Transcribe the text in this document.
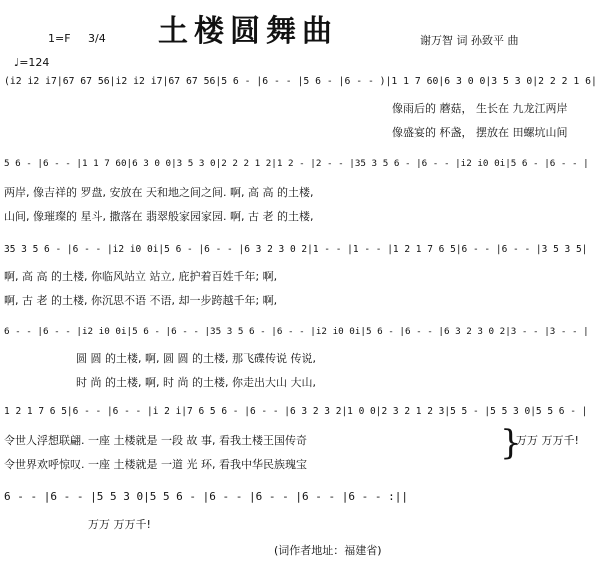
土楼圆舞曲
1=F 3/4	谢万智 词 孙致平 曲
♩=124
(i2 i2 i7|67 67 56|i2 i2 i7|67 67 56|5 6 - |6 - - |5 6 - |6 - - )|1 1 7 60|6 3 0 0|3 5 3 0|2 2 2 1 6|
像雨后的 蘑菇， 生长在 九龙江两岸
像盛宴的 杯盏， 摆放在 田螺坑山间
5 6 - |6 - - |1 1 7 60|6 3 0 0|3 5 3 0|2 2 2 1 2|1 2 - |2 - - |35 3 5 6 - |6 - - |i2 i0 0i|5 6 - |6 - - |
两岸, 像吉祥的 罗盘, 安放在 天和地之间之间. 啊, 高 高 的土楼,
山间, 像璀璨的 星斗, 撒落在 翡翠般家园家园. 啊, 古 老 的土楼,
35 3 5 6 - |6 - - |i2 i0 0i|5 6 - |6 - - |6 3 2 3 0 2|1 - - |1 - - |1 2 1 7 6 5|6 - - |6 - - |3 5 3 5|
啊, 高 高 的土楼, 你临风站立 站立, 庇护着百姓千年; 啊,
啊, 古 老 的土楼, 你沉思不语 不语, 却一步跨越千年; 啊,
6 - - |6 - - |i2 i0 0i|5 6 - |6 - - |35 3 5 6 - |6 - - |i2 i0 0i|5 6 - |6 - - |6 3 2 3 0 2|3 - - |3 - - |
圆 圆 的土楼, 啊, 圆 圆 的土楼, 那飞碟传说 传说,
时 尚 的土楼, 啊, 时 尚 的土楼, 你走出大山 大山,
1 2 1 7 6 5|6 - - |6 - - |i 2 i|7 6 5 6 - |6 - - |6 3 2 3 2|1 0 0|2 3 2 1 2 3|5 5 - |5 5 3 0|5 5 6 - |
令世人浮想联翩. 一座 土楼就是 一段 故 事, 看我土楼王国传奇
令世界欢呼惊叹. 一座 土楼就是 一道 光 环, 看我中华民族瑰宝
}
万万 万万千!
6 - - |6 - - |5 5 3 0|5 5 6 - |6 - - |6 - - |6 - - |6 - - :||
万万 万万千!
(词作者地址：福建省)
